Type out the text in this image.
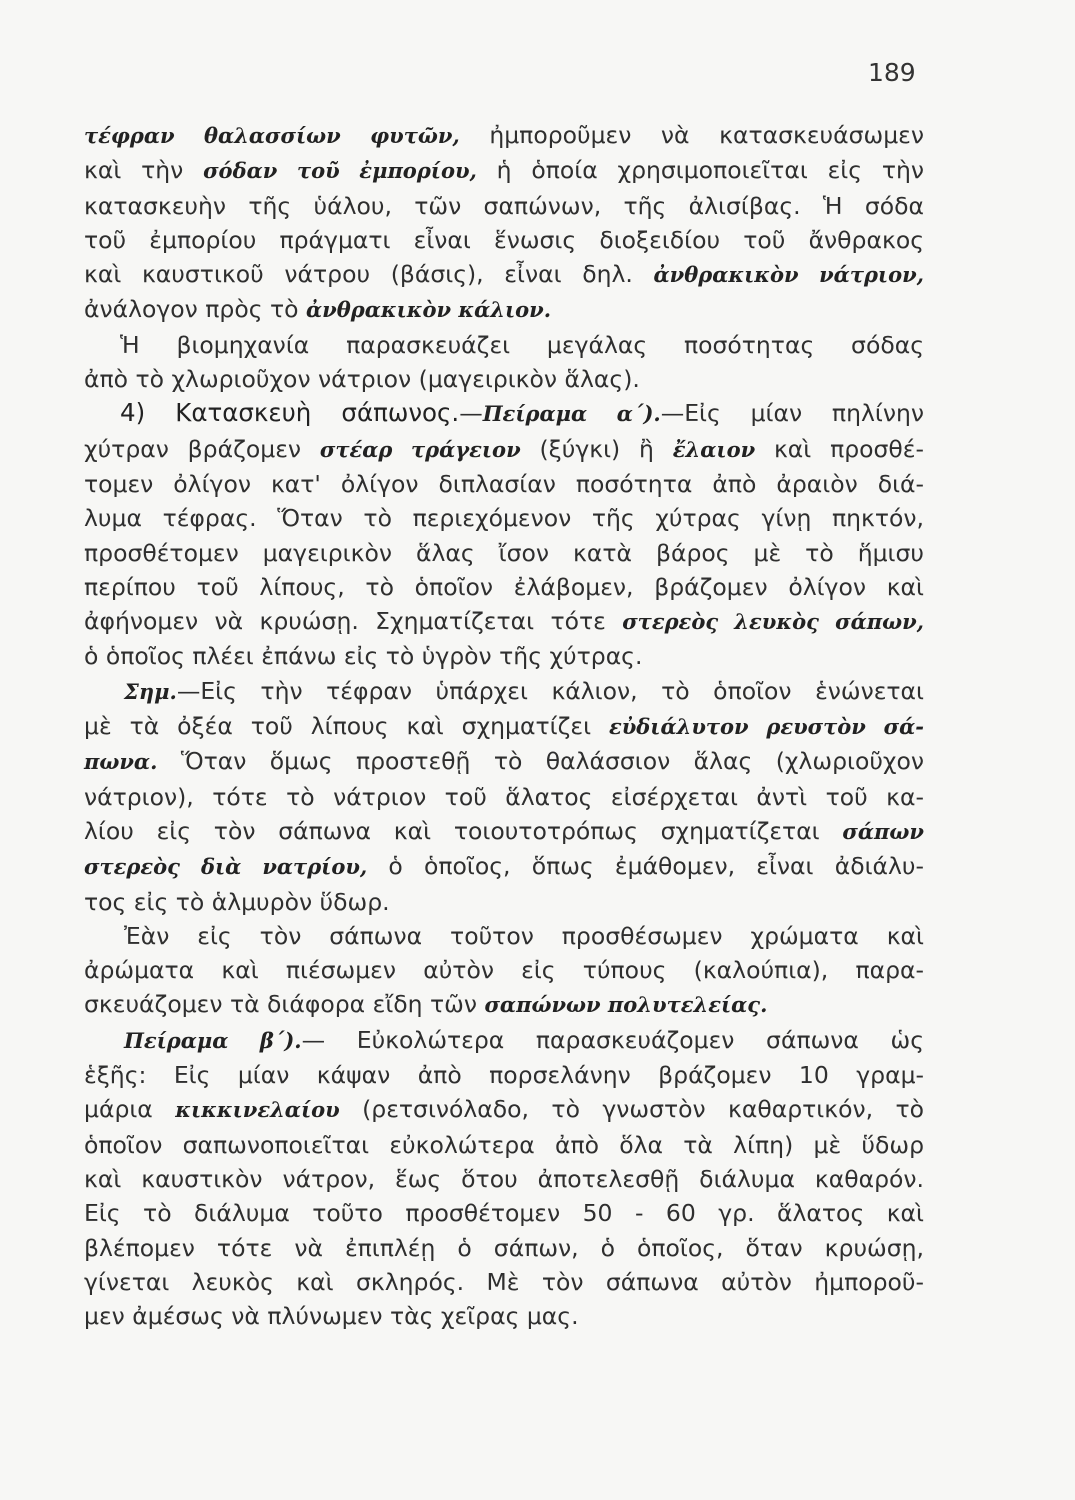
189
τέφραν θαλασσίων φυτῶν, ἠμποροῦμεν νὰ κατασκευάσωμεν
καὶ τὴν σόδαν τοῦ ἐμπορίου, ἡ ὁποία χρησιμοποιεῖται εἰς τὴν
κατασκευὴν τῆς ὑάλου, τῶν σαπώνων, τῆς ἀλισίβας. Ἡ σόδα
τοῦ ἐμπορίου πράγματι εἶναι ἕνωσις διοξειδίου τοῦ ἄνθρακος
καὶ καυστικοῦ νάτρου (βάσις), εἶναι δηλ. ἀνθρακικὸν νάτριον,
ἀνάλογον πρὸς τὸ ἀνθρακικὸν κάλιον.
Ἡ βιομηχανία παρασκευάζει μεγάλας ποσότητας σόδας
ἀπὸ τὸ χλωριοῦχον νάτριον (μαγειρικὸν ἅλας).
4) Κατασκευὴ σάπωνος.—Πείραμα α΄).—Εἰς μίαν πηλίνην
χύτραν βράζομεν στέαρ τράγειον (ξύγκι) ἢ ἔλαιον καὶ προσθέ-
τομεν ὀλίγον κατ' ὀλίγον διπλασίαν ποσότητα ἀπὸ ἀραιὸν διά-
λυμα τέφρας. Ὅταν τὸ περιεχόμενον τῆς χύτρας γίνῃ πηκτόν,
προσθέτομεν μαγειρικὸν ἅλας ἴσον κατὰ βάρος μὲ τὸ ἥμισυ
περίπου τοῦ λίπους, τὸ ὁποῖον ἐλάβομεν, βράζομεν ὀλίγον καὶ
ἀφήνομεν νὰ κρυώσῃ. Σχηματίζεται τότε στερεὸς λευκὸς σάπων,
ὁ ὁποῖος πλέει ἐπάνω εἰς τὸ ὑγρὸν τῆς χύτρας.
Σημ.—Εἰς τὴν τέφραν ὑπάρχει κάλιον, τὸ ὁποῖον ἑνώνεται
μὲ τὰ ὀξέα τοῦ λίπους καὶ σχηματίζει εὐδιάλυτον ρευστὸν σά-
πωνα. Ὅταν ὅμως προστεθῇ τὸ θαλάσσιον ἅλας (χλωριοῦχον
νάτριον), τότε τὸ νάτριον τοῦ ἅλατος εἰσέρχεται ἀντὶ τοῦ κα-
λίου εἰς τὸν σάπωνα καὶ τοιουτοτρόπως σχηματίζεται σάπων
στερεὸς διὰ νατρίου, ὁ ὁποῖος, ὅπως ἐμάθομεν, εἶναι ἀδιάλυ-
τος εἰς τὸ ἁλμυρὸν ὕδωρ.
Ἐὰν εἰς τὸν σάπωνα τοῦτον προσθέσωμεν χρώματα καὶ
ἀρώματα καὶ πιέσωμεν αὐτὸν εἰς τύπους (καλούπια), παρα-
σκευάζομεν τὰ διάφορα εἴδη τῶν σαπώνων πολυτελείας.
Πείραμα β΄).— Εὐκολώτερα παρασκευάζομεν σάπωνα ὡς
ἑξῆς: Εἰς μίαν κάψαν ἀπὸ πορσελάνην βράζομεν 10 γραμ-
μάρια κικκινελαίου (ρετσινόλαδο, τὸ γνωστὸν καθαρτικόν, τὸ
ὁποῖον σαπωνοποιεῖται εὐκολώτερα ἀπὸ ὅλα τὰ λίπη) μὲ ὕδωρ
καὶ καυστικὸν νάτρον, ἕως ὅτου ἀποτελεσθῇ διάλυμα καθαρόν.
Εἰς τὸ διάλυμα τοῦτο προσθέτομεν 50 - 60 γρ. ἅλατος καὶ
βλέπομεν τότε νὰ ἐπιπλέῃ ὁ σάπων, ὁ ὁποῖος, ὅταν κρυώσῃ,
γίνεται λευκὸς καὶ σκληρός. Μὲ τὸν σάπωνα αὐτὸν ἠμποροῦ-
μεν ἀμέσως νὰ πλύνωμεν τὰς χεῖρας μας.
